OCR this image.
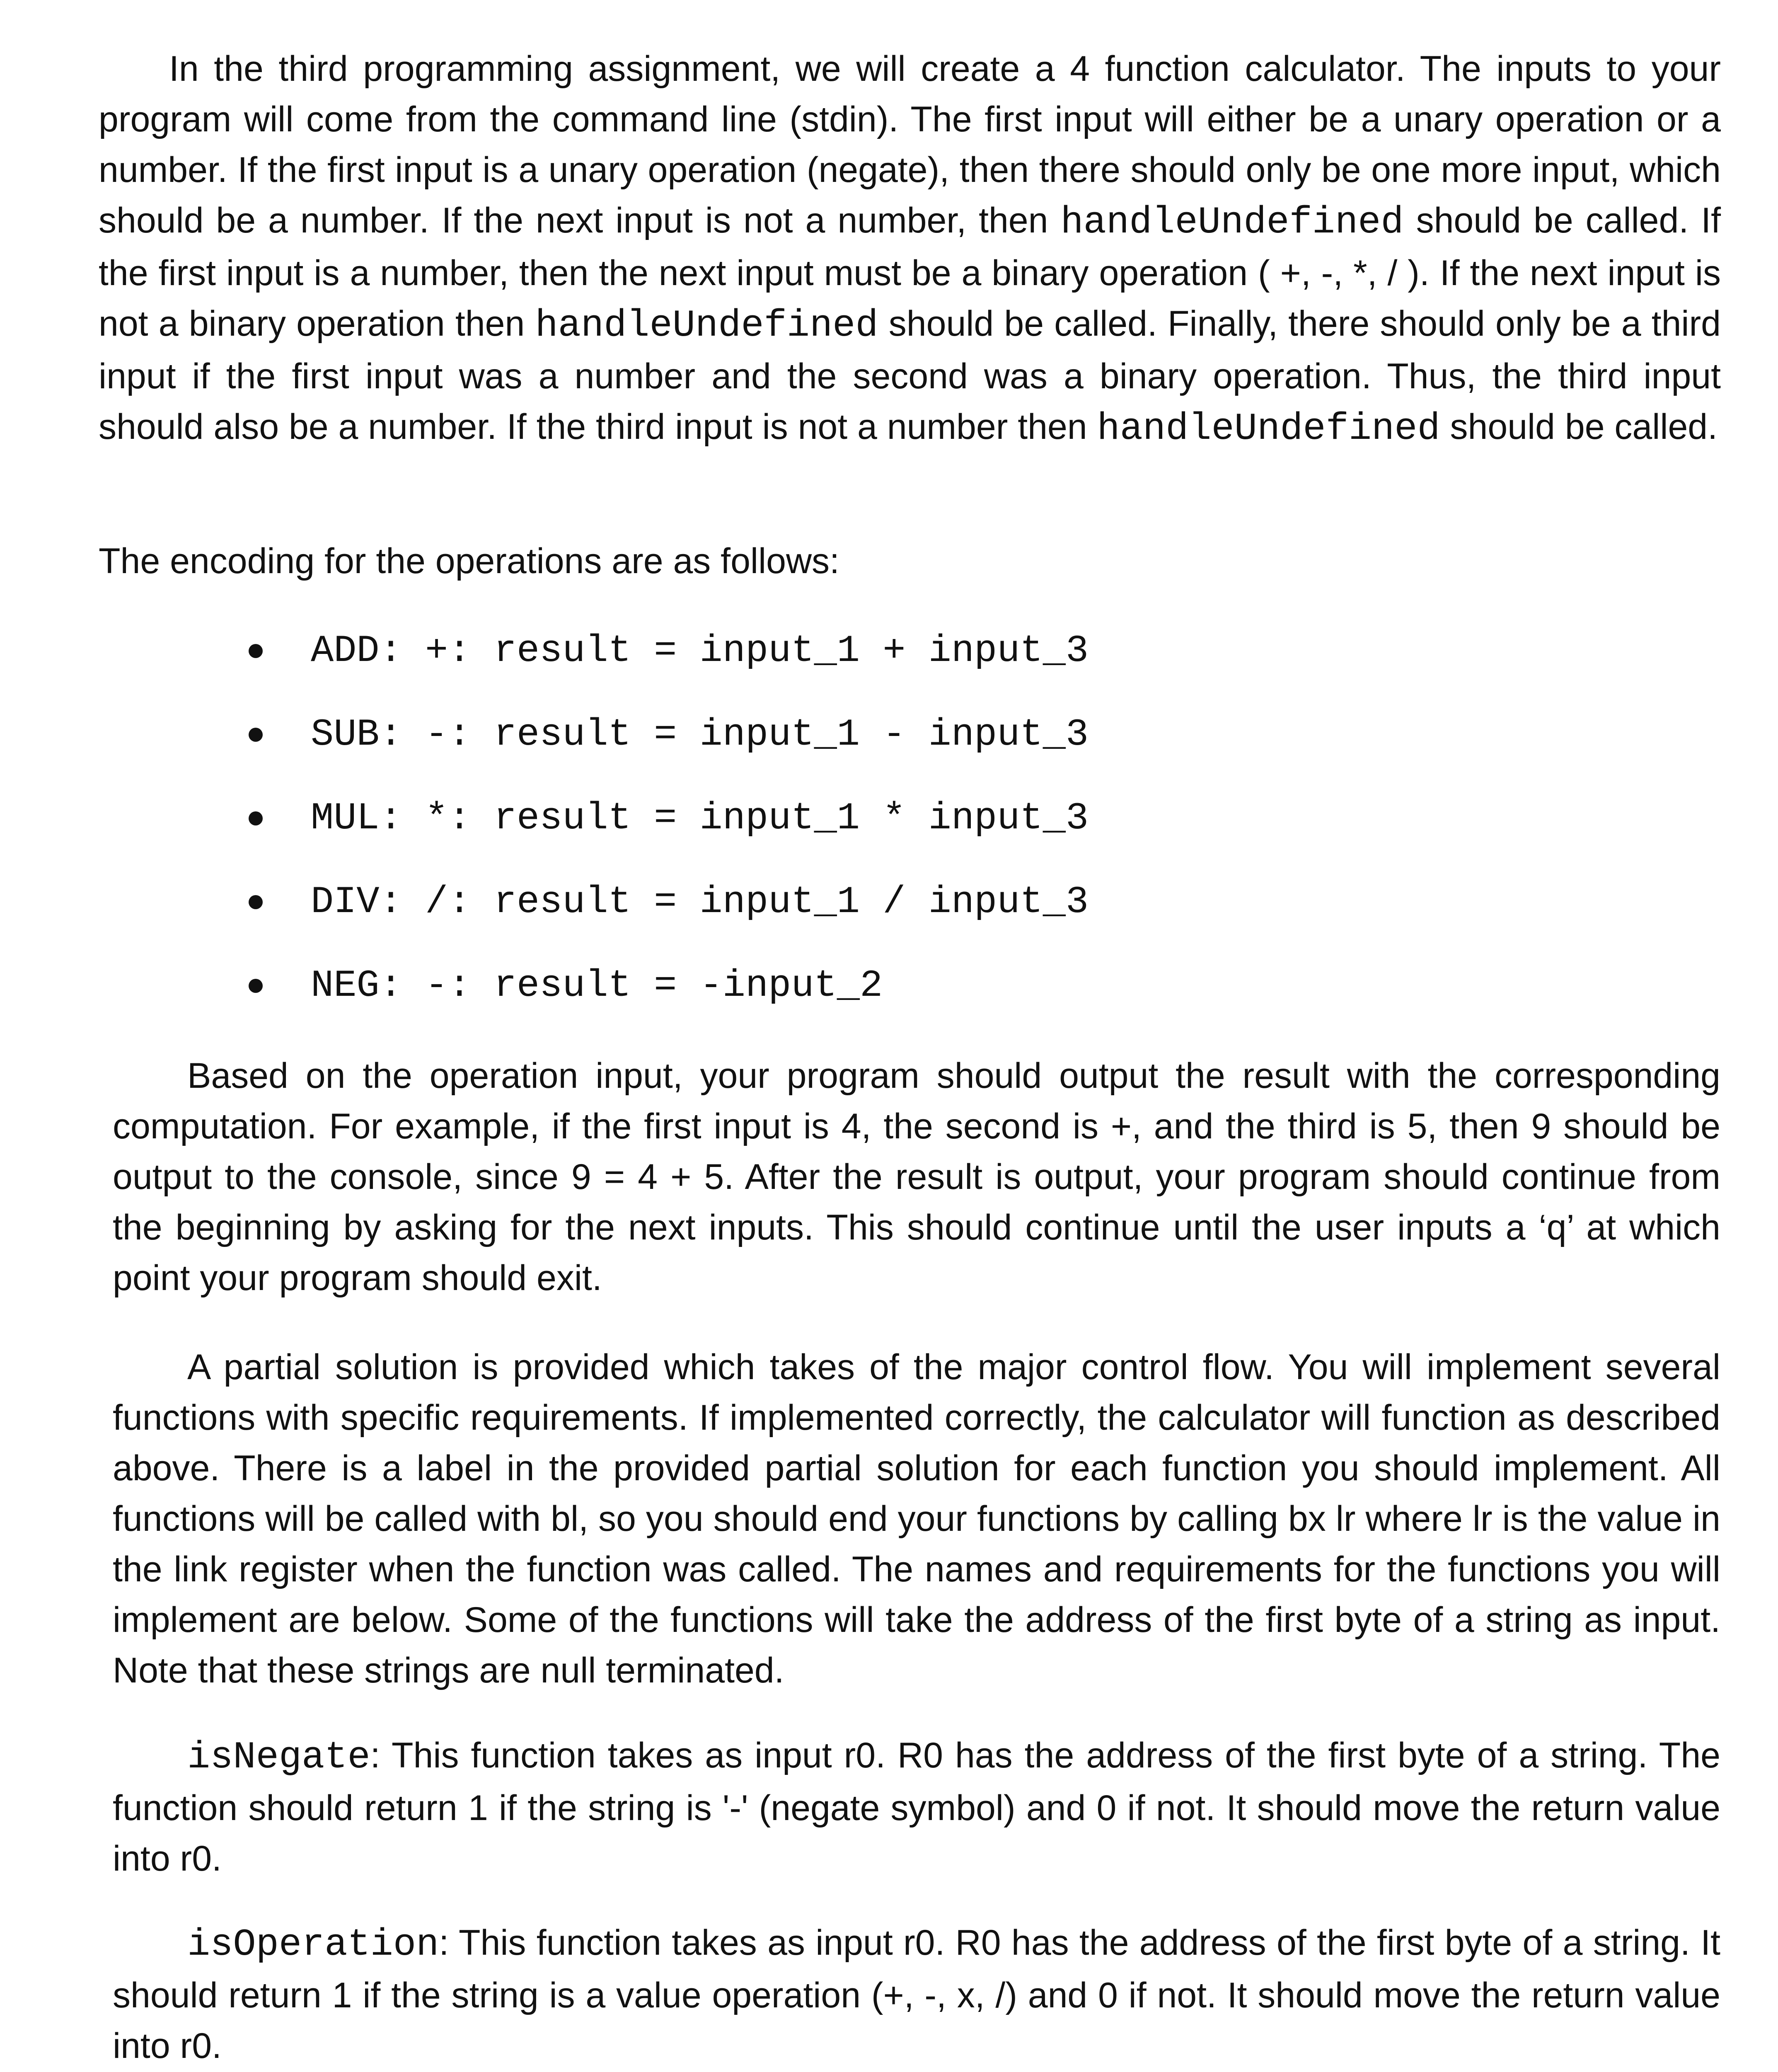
In the third programming assignment, we will create a 4 function calculator. The inputs to your program will come from the command line (stdin). The first input will either be a unary operation or a number. If the first input is a unary operation (negate), then there should only be one more input, which should be a number. If the next input is not a number, then handleUndefined should be called. If the first input is a number, then the next input must be a binary operation ( +, -, *, / ). If the next input is not a binary operation then handleUndefined should be called. Finally, there should only be a third input if the first input was a number and the second was a binary operation. Thus, the third input should also be a number. If the third input is not a number then handleUndefined should be called.

The encoding for the operations are as follows:

ADD: +: result = input_1 + input_3
SUB: -: result = input_1 - input_3
MUL: *: result = input_1 * input_3
DIV: /: result = input_1 / input_3
NEG: -: result = -input_2

Based on the operation input, your program should output the result with the corresponding computation. For example, if the first input is 4, the second is +, and the third is 5, then 9 should be output to the console, since 9 = 4 + 5. After the result is output, your program should continue from the beginning by asking for the next inputs. This should continue until the user inputs a ‘q’ at which point your program should exit.

A partial solution is provided which takes of the major control flow. You will implement several functions with specific requirements. If implemented correctly, the calculator will function as described above. There is a label in the provided partial solution for each function you should implement. All functions will be called with bl, so you should end your functions by calling bx lr where lr is the value in the link register when the function was called. The names and requirements for the functions you will implement are below. Some of the functions will take the address of the first byte of a string as input. Note that these strings are null terminated.

isNegate: This function takes as input r0. R0 has the address of the first byte of a string. The function should return 1 if the string is '-' (negate symbol) and 0 if not. It should move the return value into r0.

isOperation: This function takes as input r0. R0 has the address of the first byte of a string. It should return 1 if the string is a value operation (+, -, x, /) and 0 if not. It should move the return value into r0.
